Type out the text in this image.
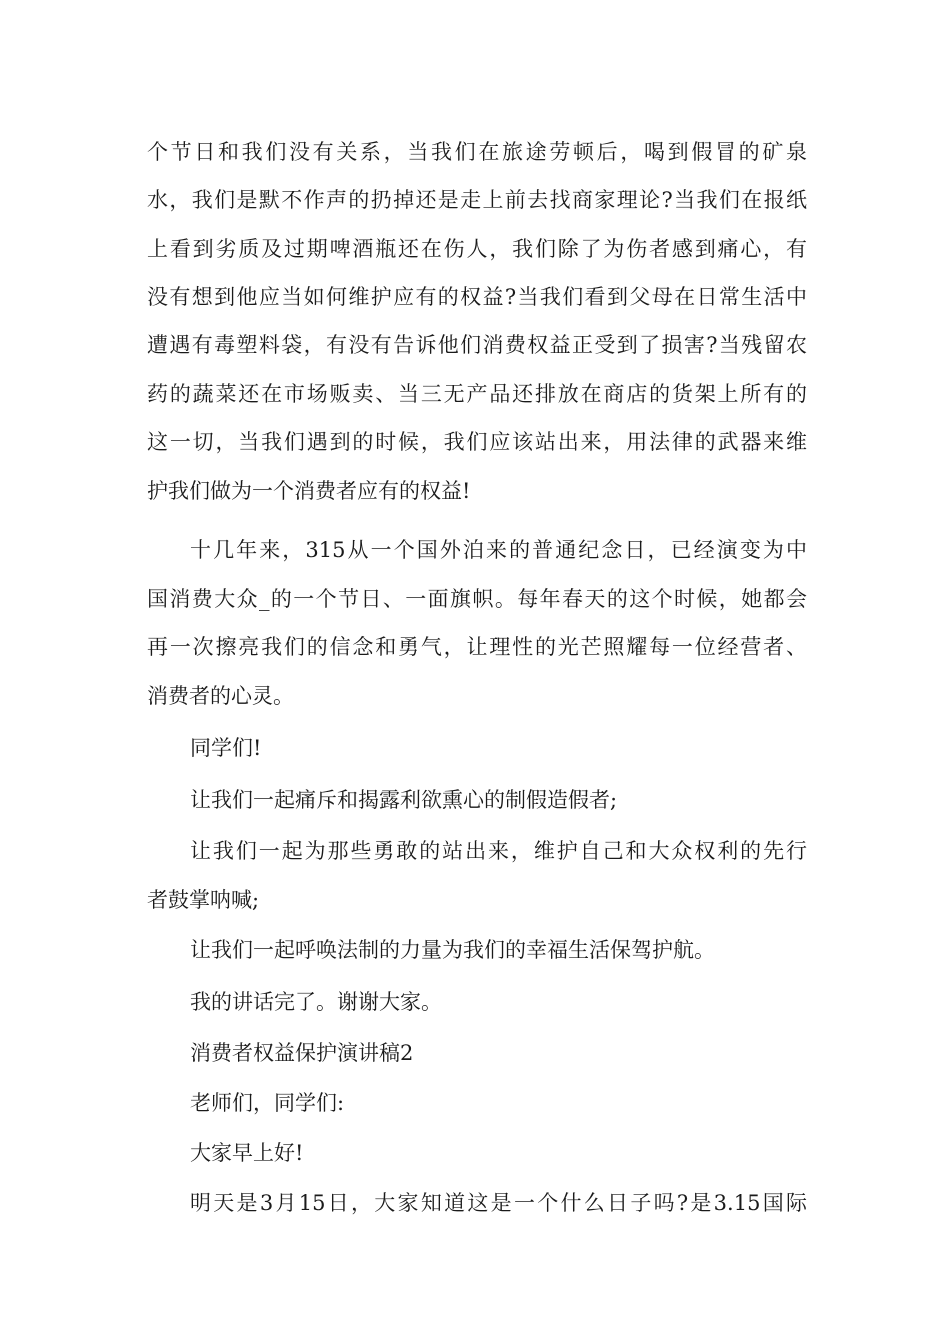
个节日和我们没有关系，当我们在旅途劳顿后，喝到假冒的矿泉
水，我们是默不作声的扔掉还是走上前去找商家理论?当我们在报纸
上看到劣质及过期啤酒瓶还在伤人，我们除了为伤者感到痛心，有
没有想到他应当如何维护应有的权益?当我们看到父母在日常生活中
遭遇有毒塑料袋，有没有告诉他们消费权益正受到了损害?当残留农
药的蔬菜还在市场贩卖、当三无产品还排放在商店的货架上所有的
这一切，当我们遇到的时候，我们应该站出来，用法律的武器来维
护我们做为一个消费者应有的权益!
十几年来，315从一个国外泊来的普通纪念日，已经演变为中
国消费大众_的一个节日、一面旗帜。每年春天的这个时候，她都会
再一次擦亮我们的信念和勇气，让理性的光芒照耀每一位经营者、
消费者的心灵。
同学们!
让我们一起痛斥和揭露利欲熏心的制假造假者;
让我们一起为那些勇敢的站出来，维护自己和大众权利的先行
者鼓掌呐喊;
让我们一起呼唤法制的力量为我们的幸福生活保驾护航。
我的讲话完了。谢谢大家。
消费者权益保护演讲稿2
老师们，同学们:
大家早上好!
明天是3月15日，大家知道这是一个什么日子吗?是3.15国际
